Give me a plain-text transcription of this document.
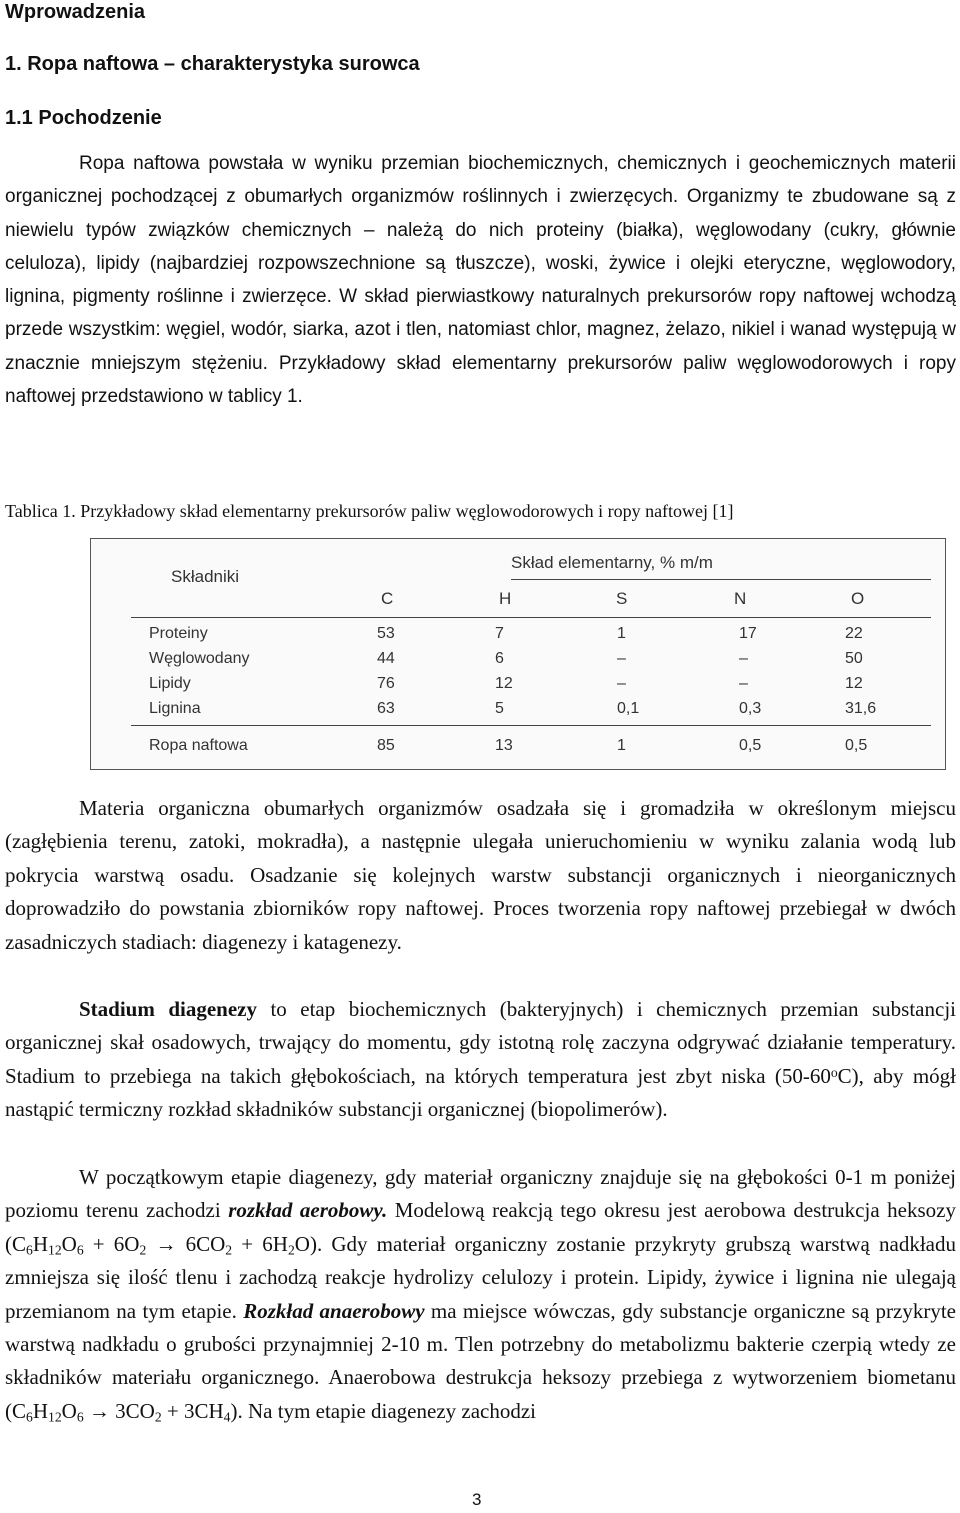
Wprowadzenia
1. Ropa naftowa – charakterystyka surowca
1.1 Pochodzenie
Ropa naftowa powstała w wyniku przemian biochemicznych, chemicznych i geochemicznych materii organicznej pochodzącej z obumarłych organizmów roślinnych i zwierzęcych. Organizmy te zbudowane są z niewielu typów związków chemicznych – należą do nich proteiny (białka), węglowodany (cukry, głównie celuloza), lipidy (najbardziej rozpowszechnione są tłuszcze), woski, żywice i olejki eteryczne, węglowodory, lignina, pigmenty roślinne i zwierzęce. W skład pierwiastkowy naturalnych prekursorów ropy naftowej wchodzą przede wszystkim: węgiel, wodór, siarka, azot i tlen, natomiast chlor, magnez, żelazo, nikiel i wanad występują w znacznie mniejszym stężeniu. Przykładowy skład elementarny prekursorów paliw węglowodorowych i ropy naftowej przedstawiono w tablicy 1.
Tablica 1. Przykładowy skład elementarny prekursorów paliw węglowodorowych i ropy naftowej [1]
Składniki
Skład elementarny, % m/m
C	H	S	N	O
Proteiny	53	7	1	17	22
Węglowodany	44	6	–	–	50
Lipidy	76	12	–	–	12
Lignina	63	5	0,1	0,3	31,6
Ropa naftowa	85	13	1	0,5	0,5
Materia organiczna obumarłych organizmów osadzała się i gromadziła w określonym miejscu (zagłębienia terenu, zatoki, mokradła), a następnie ulegała unieruchomieniu w wyniku zalania wodą lub pokrycia warstwą osadu. Osadzanie się kolejnych warstw substancji organicznych i nieorganicznych doprowadziło do powstania zbiorników ropy naftowej. Proces tworzenia ropy naftowej przebiegał w dwóch zasadniczych stadiach: diagenezy i katagenezy.
Stadium diagenezy to etap biochemicznych (bakteryjnych) i chemicznych przemian substancji organicznej skał osadowych, trwający do momentu, gdy istotną rolę zaczyna odgrywać działanie temperatury. Stadium to przebiega na takich głębokościach, na których temperatura jest zbyt niska (50-60$^o$C), aby mógł nastąpić termiczny rozkład składników substancji organicznej (biopolimerów).
W początkowym etapie diagenezy, gdy materiał organiczny znajduje się na głębokości 0-1 m poniżej poziomu terenu zachodzi rozkład aerobowy. Modelową reakcją tego okresu jest aerobowa destrukcja heksozy $(C_6H_{12}O_6 + 6O_2 \to 6CO_2 + 6H_2O)$. Gdy materiał organiczny zostanie przykryty grubszą warstwą nadkładu zmniejsza się ilość tlenu i zachodzą reakcje hydrolizy celulozy i protein. Lipidy, żywice i lignina nie ulegają przemianom na tym etapie. Rozkład anaerobowy ma miejsce wówczas, gdy substancje organiczne są przykryte warstwą nadkładu o grubości przynajmniej 2-10 m. Tlen potrzebny do metabolizmu bakterie czerpią wtedy ze składników materiału organicznego. Anaerobowa destrukcja heksozy przebiega z wytworzeniem biometanu $(C_6H_{12}O_6 \to 3CO_2 + 3CH_4)$. Na tym etapie diagenezy zachodzi
3
